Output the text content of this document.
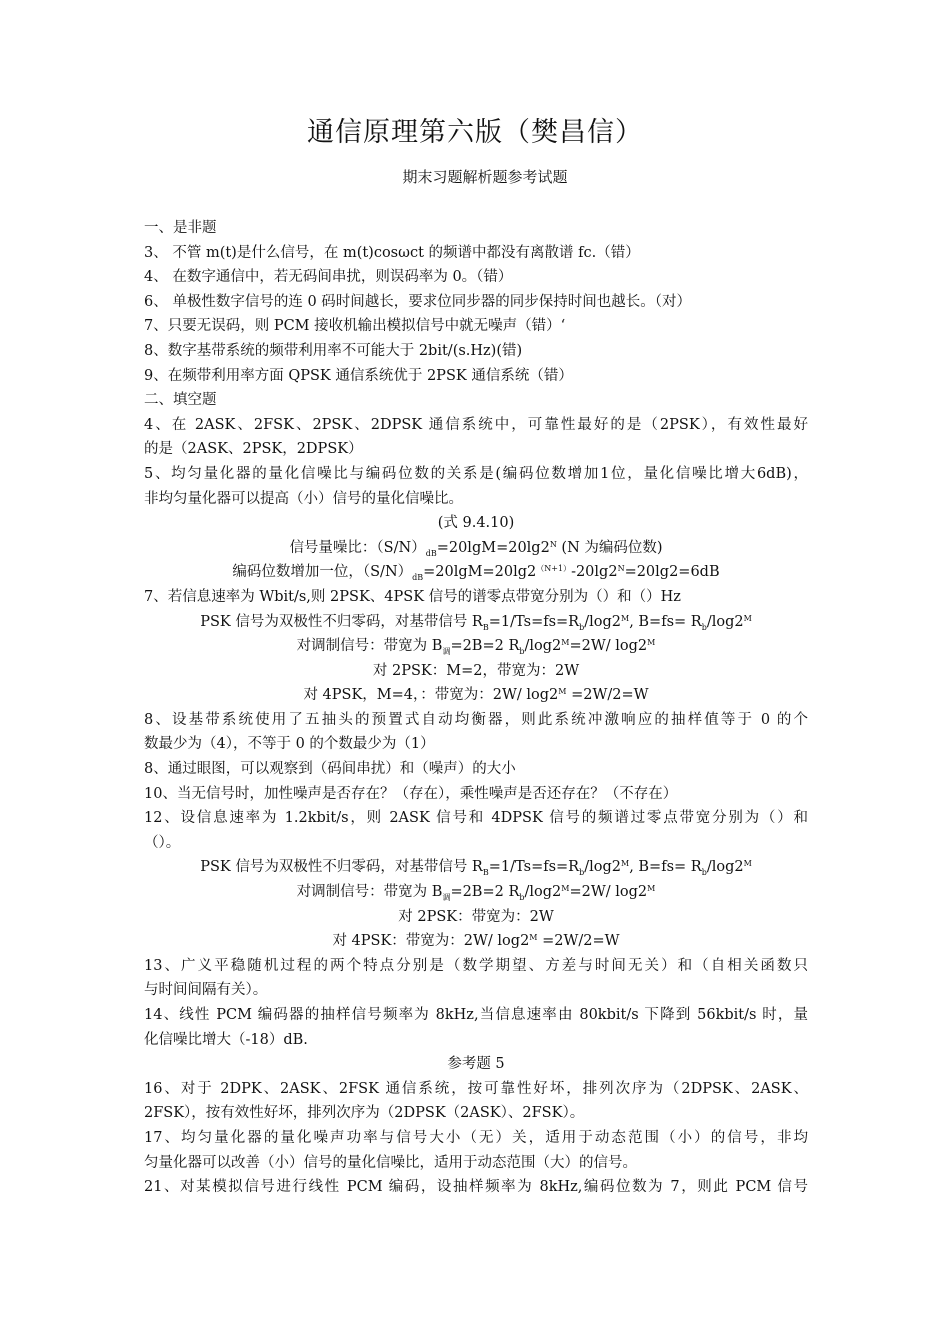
通信原理第六版（樊昌信）
期末习题解析题参考试题
一、是非题
3、 不管 m(t)是什么信号，在 m(t)cosωct 的频谱中都没有离散谱 fc.（错）
4、 在数字通信中，若无码间串扰，则误码率为 0。（错）
6、 单极性数字信号的连 0 码时间越长，要求位同步器的同步保持时间也越长。（对）
7、只要无误码，则 PCM 接收机输出模拟信号中就无噪声（错）‘
8、数字基带系统的频带利用率不可能大于 2bit/(s.Hz)(错)
9、在频带利用率方面 QPSK 通信系统优于 2PSK 通信系统（错）
二、填空题
4、在 2ASK、2FSK、2PSK、2DPSK 通信系统中，可靠性最好的是（2PSK），有效性最好
的是（2ASK、2PSK，2DPSK）
5、均匀量化器的量化信噪比与编码位数的关系是(编码位数增加1位，量化信噪比增大6dB)，
非均匀量化器可以提高（小）信号的量化信噪比。
(式 9.4.10)
信号量噪比：$(S/N)_{dB}=20\lg M=20\lg 2^N$ (N 为编码位数)
编码位数增加一位，$(S/N)_{dB}=20\lg M=20\lg 2^{(N+1)}-20\lg 2^N=20\lg 2=6dB$
7、若信息速率为 Wbit/s,则 2PSK、4PSK 信号的谱零点带宽分别为（）和（）Hz
PSK 信号为双极性不归零码，对基带信号 $R_B=1/Ts=fs=R_b/\log 2^M$, $B=fs= R_b/\log 2^M$
对调制信号：带宽为 $B_调=2B=2$ $R_b/\log 2^M=2W/$ $\log 2^M$
对 2PSK：M=2，带宽为：2W
对 4PSK，M=4，：带宽为：2W/ $\log 2^M =2W/2=W$
8、设基带系统使用了五抽头的预置式自动均衡器，则此系统冲激响应的抽样值等于 0 的个
数最少为（4），不等于 0 的个数最少为（1）
8、通过眼图，可以观察到（码间串扰）和（噪声）的大小
10、当无信号时，加性噪声是否存在？（存在），乘性噪声是否还存在？（不存在）
12、设信息速率为 1.2kbit/s，则 2ASK 信号和 4DPSK 信号的频谱过零点带宽分别为（）和
（）。
PSK 信号为双极性不归零码，对基带信号 $R_B=1/Ts=fs=R_b/\log 2^M$, $B=fs= R_b/\log 2^M$
对调制信号：带宽为 $B_调=2B=2$ $R_b/\log 2^M=2W/$ $\log 2^M$
对 2PSK：带宽为：2W
对 4PSK：带宽为：2W/ $\log 2^M =2W/2=W$
13、广义平稳随机过程的两个特点分别是（数学期望、方差与时间无关）和（自相关函数只
与时间间隔有关）。
14、线性 PCM 编码器的抽样信号频率为 8kHz,当信息速率由 80kbit/s 下降到 56kbit/s 时，量
化信噪比增大（-18）dB.
参考题 5
16、对于 2DPK、2ASK、2FSK 通信系统，按可靠性好坏，排列次序为（2DPSK、2ASK、
2FSK），按有效性好坏，排列次序为（2DPSK（2ASK）、2FSK）。
17、均匀量化器的量化噪声功率与信号大小（无）关，适用于动态范围（小）的信号，非均
匀量化器可以改善（小）信号的量化信噪比，适用于动态范围（大）的信号。
21、对某模拟信号进行线性 PCM 编码，设抽样频率为 8kHz,编码位数为 7，则此 PCM 信号
